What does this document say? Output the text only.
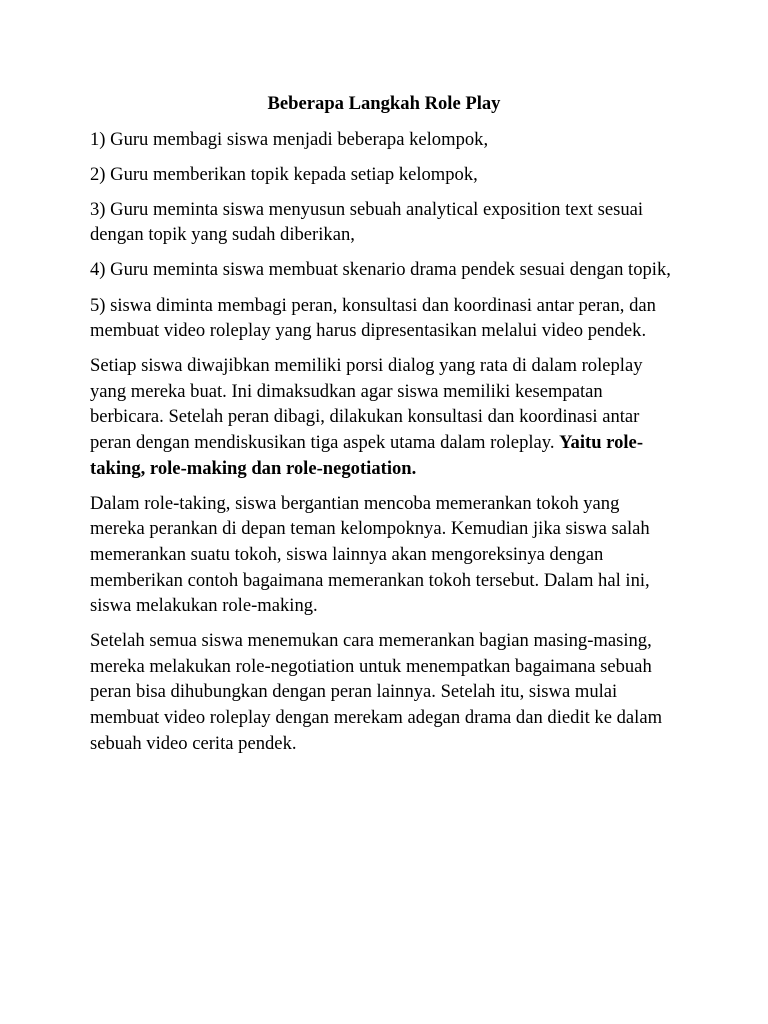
Beberapa Langkah Role Play

1) Guru membagi siswa menjadi beberapa kelompok,

2) Guru memberikan topik kepada setiap kelompok,

3) Guru meminta siswa menyusun sebuah analytical exposition text sesuai dengan topik yang sudah diberikan,

4) Guru meminta siswa membuat skenario drama pendek sesuai dengan topik,

5) siswa diminta membagi peran, konsultasi dan koordinasi antar peran, dan membuat video roleplay yang harus dipresentasikan melalui video pendek.

Setiap siswa diwajibkan memiliki porsi dialog yang rata di dalam roleplay yang mereka buat. Ini dimaksudkan agar siswa memiliki kesempatan berbicara. Setelah peran dibagi, dilakukan konsultasi dan koordinasi antar peran dengan mendiskusikan tiga aspek utama dalam roleplay. Yaitu role-taking, role-making dan role-negotiation.

Dalam role-taking, siswa bergantian mencoba memerankan tokoh yang mereka perankan di depan teman kelompoknya. Kemudian jika siswa salah memerankan suatu tokoh, siswa lainnya akan mengoreksinya dengan memberikan contoh bagaimana memerankan tokoh tersebut. Dalam hal ini, siswa melakukan role-making.

Setelah semua siswa menemukan cara memerankan bagian masing-masing, mereka melakukan role-negotiation untuk menempatkan bagaimana sebuah peran bisa dihubungkan dengan peran lainnya. Setelah itu, siswa mulai membuat video roleplay dengan merekam adegan drama dan diedit ke dalam sebuah video cerita pendek.
